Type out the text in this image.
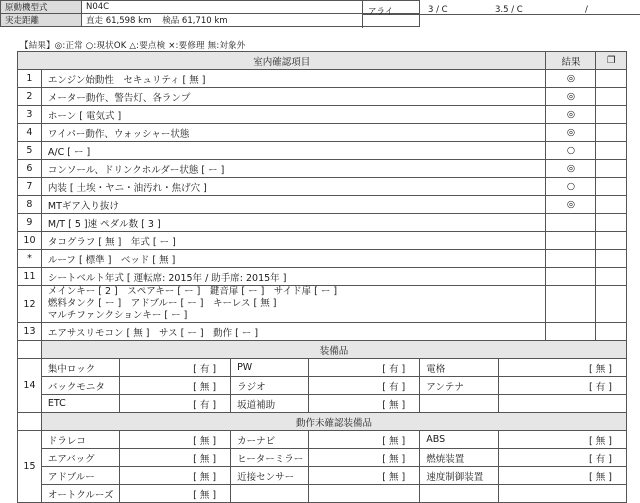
原動機型式	N04C
実走距離	直走 61,598 km 検品 61,710 km
アライ	3 / C	3.5 / C	/
【結果】◎:正常 ○:現状OK △:要点検 ×:要修理 無:対象外
室内確認項目							結果	❐
1	エンジン始動性　セキュリティ [ 無 ]						◎	
2	メーター動作、警告灯、各ランプ						◎	
3	ホーン [ 電気式 ]						◎	
4	ワイパー動作、ウォッシャー状態						◎	
5	A/C [ ー ]						○	
6	コンソール、ドリンクホルダー状態 [ ー ]						◎	
7	内装 [ 土埃・ヤニ・油汚れ・焦げ穴 ]						○	
8	MTギア入り抜け						◎	
9	M/T [ 5 ]速 ペダル数 [ 3 ]							
10	タコグラフ [ 無 ]　年式 [ ー ]							
*	ルーフ [ 標準 ]　ベッド [ 無 ]							
11	シートベルト年式 [ 運転席: 2015年 / 助手席: 2015年 ]							
12	メインキー [ 2 ]　スペアキー [ ー ]　鍵音扉 [ ー ]　サイド扉 [ ー ]
燃料タンク [ ー ]　アドブルー [ ー ]　キーレス [ 無 ]
マルチファンクションキー [ ー ]							

13	エアサスリモコン [ 無 ]　サス [ ー ]　動作 [ ー ]							
	装備品							
14	集中ロック	[ 有 ]	PW	[ 有 ]	電格	[ 無 ]		
	バックモニタ	[ 無 ]	ラジオ	[ 有 ]	アンテナ	[ 有 ]		
	ETC	[ 有 ]	坂道補助	[ 無 ]				
	動作未確認装備品							
15	ドラレコ	[ 無 ]	カーナビ	[ 無 ]	ABS	[ 無 ]		
	エアバッグ	[ 無 ]	ヒーターミラー	[ 無 ]	燃焼装置	[ 有 ]		
	アドブルー	[ 無 ]	近接センサー	[ 無 ]	速度制御装置	[ 無 ]		
	オートクルーズ	[ 無 ]						
